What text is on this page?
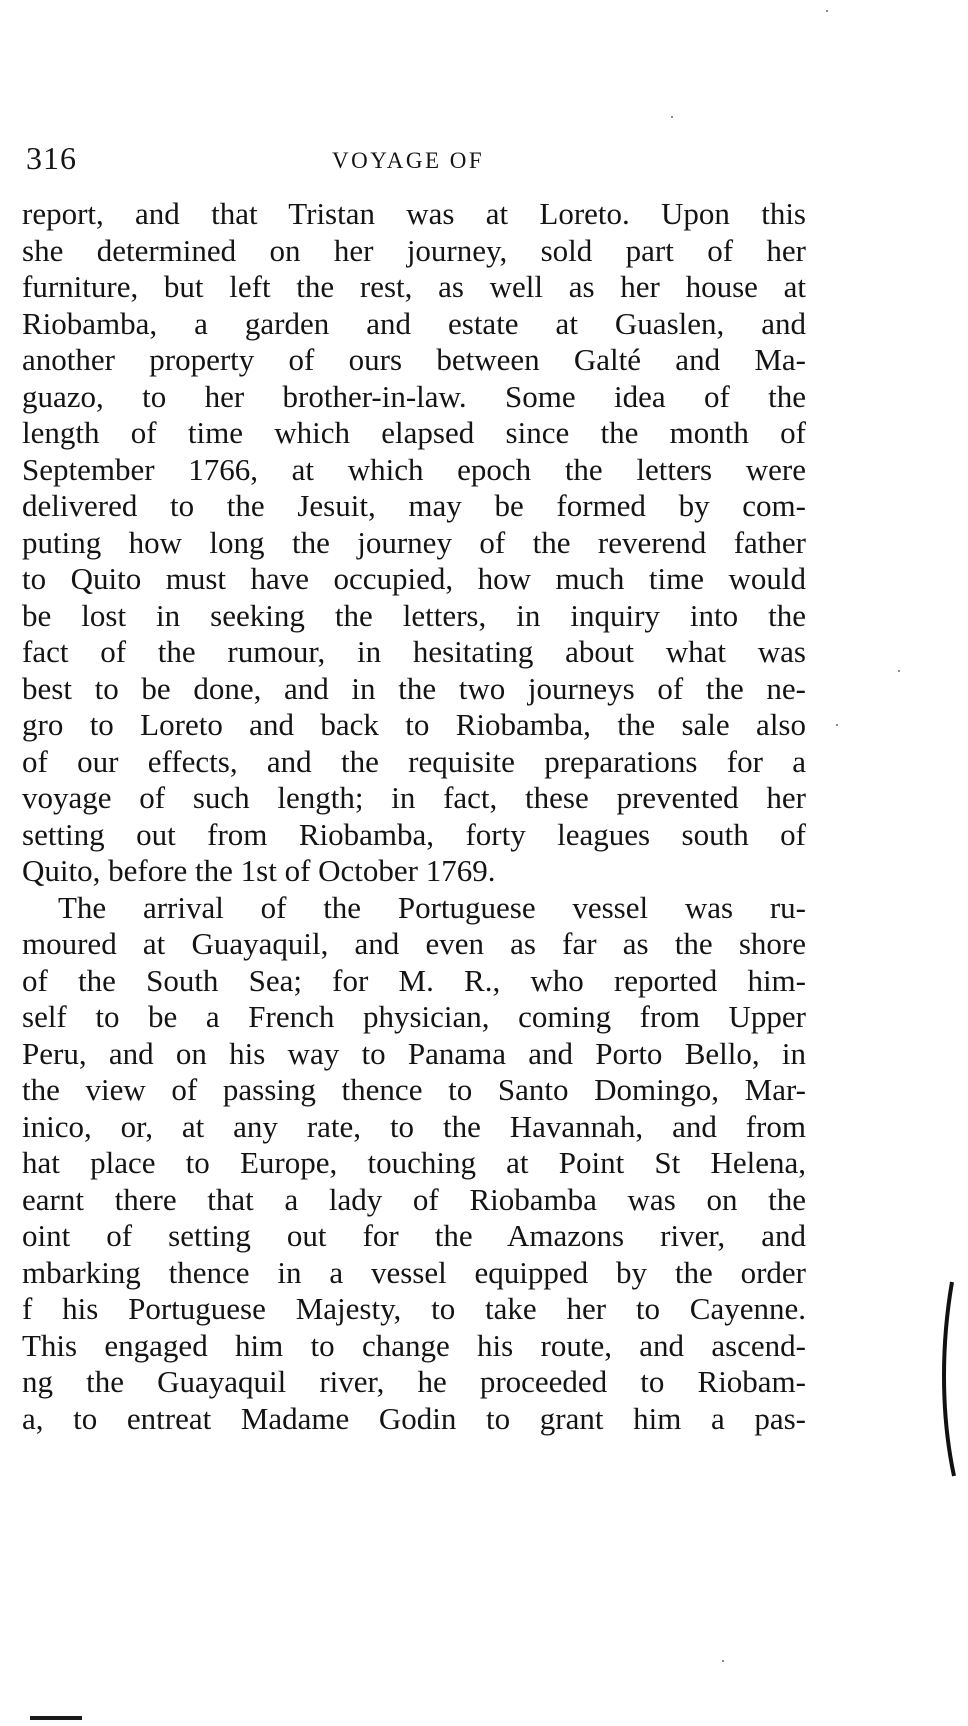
316	VOYAGE OF
report, and that Tristan was at Loreto. Upon this
she determined on her journey, sold part of her
furniture, but left the rest, as well as her house at
Riobamba, a garden and estate at Guaslen, and
another property of ours between Galté and Ma-
guazo, to her brother-in-law. Some idea of the
length of time which elapsed since the month of
September 1766, at which epoch the letters were
delivered to the Jesuit, may be formed by com-
puting how long the journey of the reverend father
to Quito must have occupied, how much time would
be lost in seeking the letters, in inquiry into the
fact of the rumour, in hesitating about what was
best to be done, and in the two journeys of the ne-
gro to Loreto and back to Riobamba, the sale also
of our effects, and the requisite preparations for a
voyage of such length; in fact, these prevented her
setting out from Riobamba, forty leagues south of
Quito, before the 1st of October 1769.
The arrival of the Portuguese vessel was ru-
moured at Guayaquil, and even as far as the shore
of the South Sea; for M. R., who reported him-
self to be a French physician, coming from Upper
Peru, and on his way to Panama and Porto Bello, in
the view of passing thence to Santo Domingo, Mar-
inico, or, at any rate, to the Havannah, and from
hat place to Europe, touching at Point St Helena,
earnt there that a lady of Riobamba was on the
oint of setting out for the Amazons river, and
mbarking thence in a vessel equipped by the order
f his Portuguese Majesty, to take her to Cayenne.
This engaged him to change his route, and ascend-
ng the Guayaquil river, he proceeded to Riobam-
a, to entreat Madame Godin to grant him a pas-
